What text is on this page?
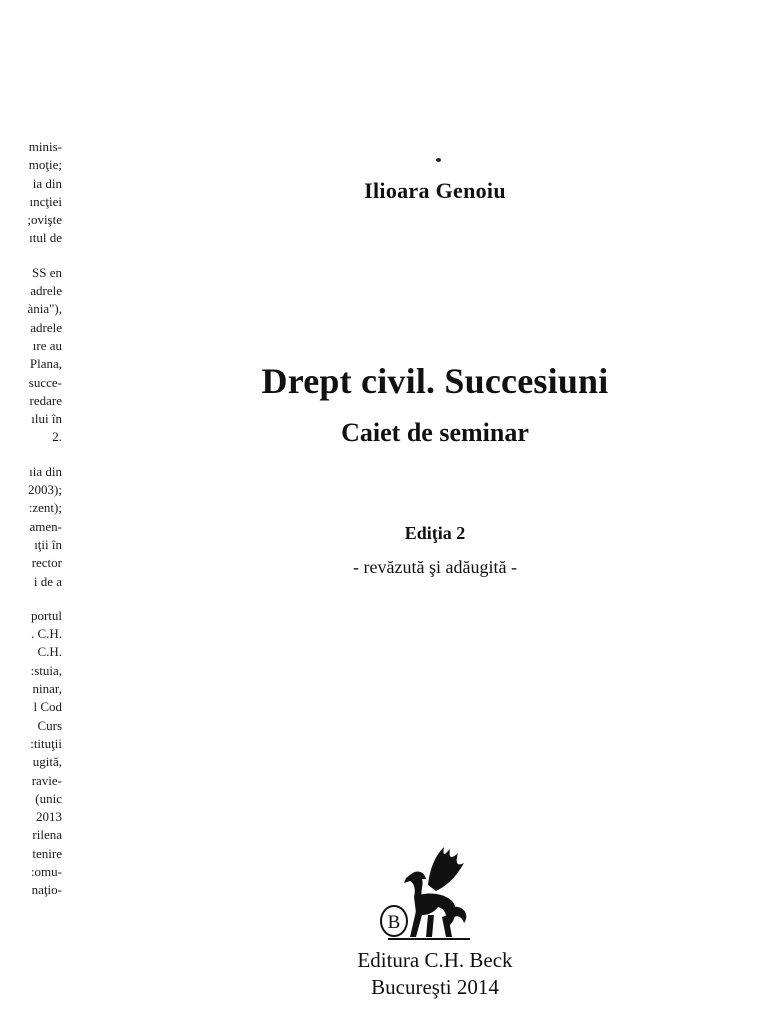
minis-
moţie;
ia din
ıncţiei
;ovişte
ıtul de
SS en
adrele
ània"),
adrele
ıre au
Plana,
succe-
redare
ılui în
2.
ıia din
2003);
:zent);
amen-
ıţii în
rector
i de a
portul
. C.H.
C.H.
:stuia,
ninar,
l Cod
Curs
:tituţii
ugită,
ravie-
(unic
2013
rilena
tenire
:omu-
naţio-
Ilioara Genoiu
Drept civil. Succesiuni
Caiet de seminar
Ediţia 2
- revăzută şi adăugită -
B
Editura C.H. Beck
Bucureşti 2014
